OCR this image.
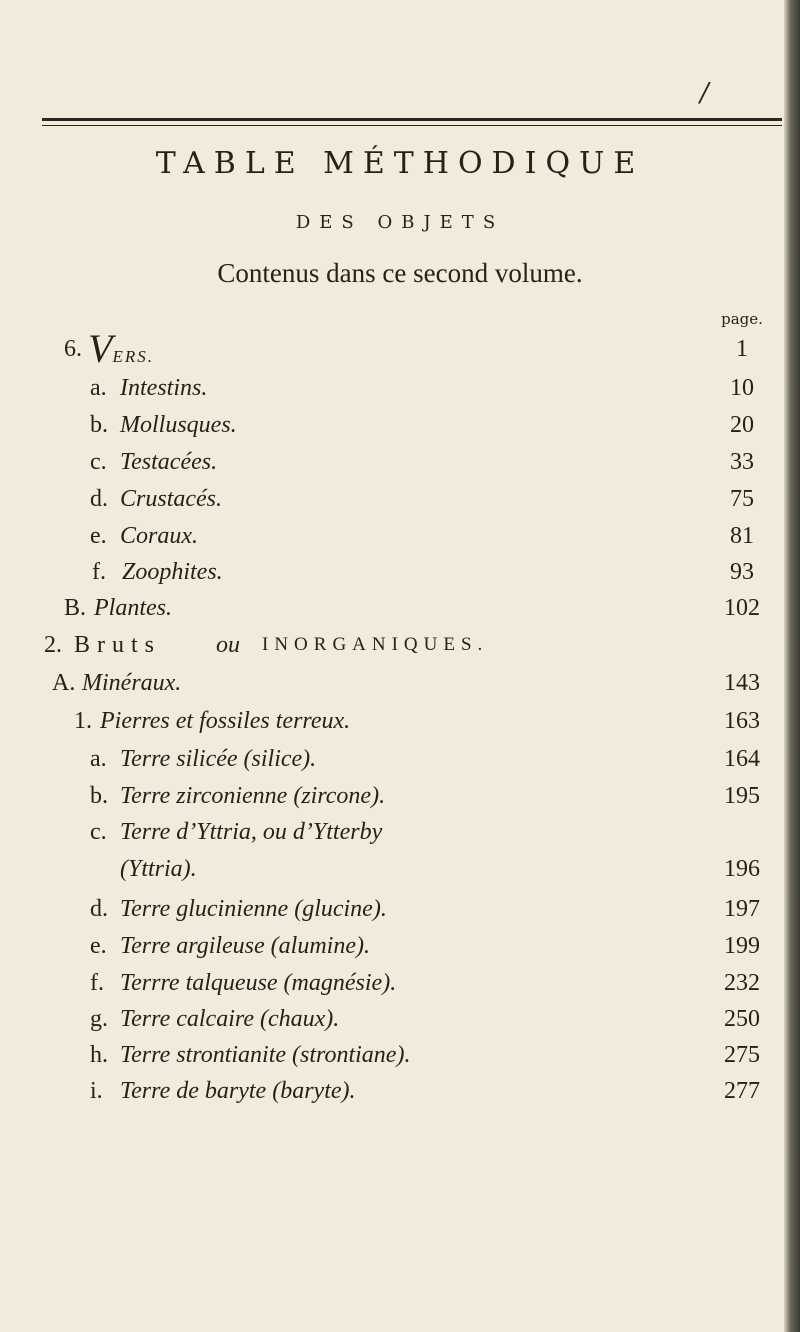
/
TABLE MÉTHODIQUE
DES OBJETS
Contenus dans ce second volume.
page.
6. VERS.	1
a. Intestins.	10
b. Mollusques.	20
c. Testacées.	33
d. Crustacés.	75
e. Coraux.	81
f. Zoophites.	93
B. Plantes.	102
2. Bruts ou INORGANIQUES.
A. Minéraux.	143
1. Pierres et fossiles terreux.	163
a. Terre silicée (silice).	164
b. Terre zirconienne (zircone).	195
c. Terre d’Yttria, ou d’Ytterby
(Yttria).	196
d. Terre glucinienne (glucine).	197
e. Terre argileuse (alumine).	199
f. Terrre talqueuse (magnésie).	232
g. Terre calcaire (chaux).	250
h. Terre strontianite (strontiane).	275
i. Terre de baryte (baryte).	277
